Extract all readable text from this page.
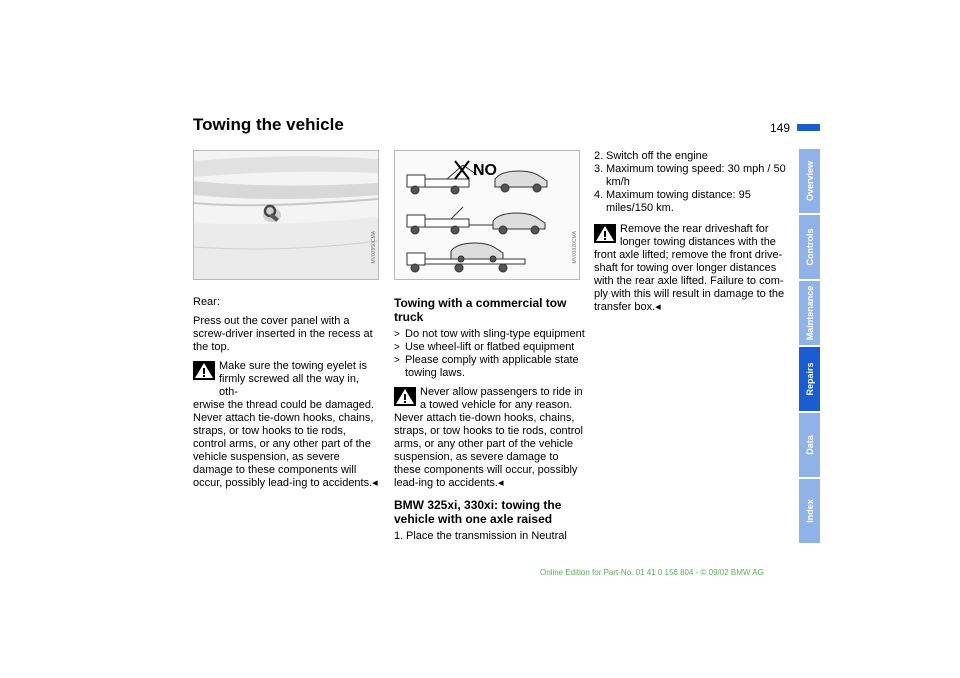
Towing the vehicle	149
Overview
Controls
Maintenance
Repairs
Data
Index
MV02950CMA
NO
MV01920CMA

Rear:

Press out the cover panel with a screw-driver inserted in the recess at the top.

Make sure the towing eyelet is firmly screwed all the way in, oth-
erwise the thread could be damaged. Never attach tie-down hooks, chains, straps, or tow hooks to tie rods, control arms, or any other part of the vehicle suspension, as severe damage to these components will occur, possibly lead-ing to accidents.◂
Towing with a commercial tow truck
> Do not tow with sling-type equipment
> Use wheel-lift or flatbed equipment
> Please comply with applicable state towing laws.
Never allow passengers to ride in a towed vehicle for any reason.
Never attach tie-down hooks, chains, straps, or tow hooks to tie rods, control arms, or any other part of the vehicle suspension, as severe damage to these components will occur, possibly lead-ing to accidents.◂
BMW 325xi, 330xi: towing the vehicle with one axle raised
1. Place the transmission in Neutral
2. Switch off the engine
3. Maximum towing speed: 30 mph / 50 km/h
4. Maximum towing distance: 95 miles/150 km.
Remove the rear driveshaft for longer towing distances with the
front axle lifted; remove the front drive-shaft for towing over longer distances with the rear axle lifted. Failure to com-ply with this will result in damage to the transfer box.◂
Online Edition for Part-No. 01 41 0 156 804 - © 09/02 BMW AG
